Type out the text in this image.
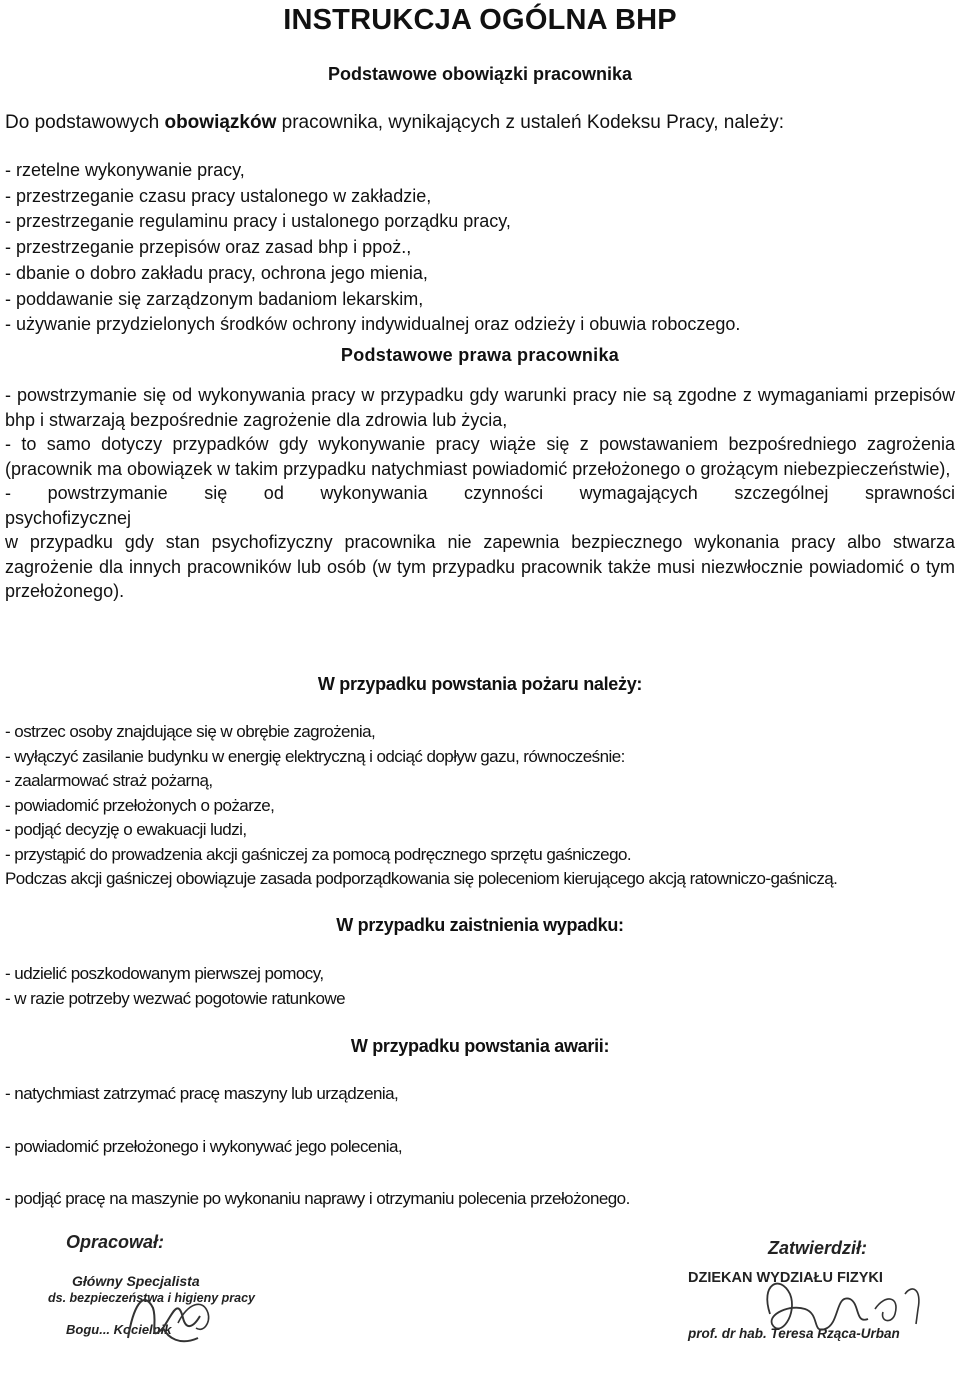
INSTRUKCJA OGÓLNA BHP
Podstawowe obowiązki pracownika
Do podstawowych obowiązków pracownika, wynikających z ustaleń Kodeksu Pracy, należy:
- rzetelne wykonywanie pracy,
- przestrzeganie czasu pracy ustalonego w zakładzie,
- przestrzeganie regulaminu pracy i ustalonego porządku pracy,
- przestrzeganie przepisów oraz zasad bhp i ppoż.,
- dbanie o dobro zakładu pracy, ochrona jego mienia,
- poddawanie się zarządzonym badaniom lekarskim,
- używanie przydzielonych środków ochrony indywidualnej oraz odzieży i obuwia roboczego.
Podstawowe prawa pracownika

- powstrzymanie się od wykonywania pracy w przypadku gdy warunki pracy nie są zgodne z wymaganiami przepisów bhp i stwarzają bezpośrednie zagrożenie dla zdrowia lub życia,

- to samo dotyczy przypadków gdy wykonywanie pracy wiąże się z powstawaniem bezpośredniego zagrożenia (pracownik ma obowiązek w takim przypadku natychmiast powiadomić przełożonego o grożącym niebezpieczeństwie),

- powstrzymanie się od wykonywania czynności wymagających szczególnej sprawności

psychofizycznej

w przypadku gdy stan psychofizyczny pracownika nie zapewnia bezpiecznego wykonania pracy albo stwarza zagrożenie dla innych pracowników lub osób (w tym przypadku pracownik także musi niezwłocznie powiadomić o tym przełożonego).

W przypadku powstania pożaru należy:
- ostrzec osoby znajdujące się w obrębie zagrożenia,
- wyłączyć zasilanie budynku w energię elektryczną i odciąć dopływ gazu, równocześnie:
- zaalarmować straż pożarną,
- powiadomić przełożonych o pożarze,
- podjąć decyzję o ewakuacji ludzi,
- przystąpić do prowadzenia akcji gaśniczej za pomocą podręcznego sprzętu gaśniczego.
Podczas akcji gaśniczej obowiązuje zasada podporządkowania się poleceniom kierującego akcją ratowniczo-gaśniczą.
W przypadku zaistnienia wypadku:
- udzielić poszkodowanym pierwszej pomocy,
- w razie potrzeby wezwać pogotowie ratunkowe
W przypadku powstania awarii:
- natychmiast zatrzymać pracę maszyny lub urządzenia,
- powiadomić przełożonego i wykonywać jego polecenia,
- podjąć pracę na maszynie po wykonaniu naprawy i otrzymaniu polecenia przełożonego.
Opracował:
Główny Specjalista
ds. bezpieczeństwa i higieny pracy
Bogu... Kocielnik
Zatwierdził:
DZIEKAN WYDZIAŁU FIZYKI
prof. dr hab. Teresa Rząca-Urban
